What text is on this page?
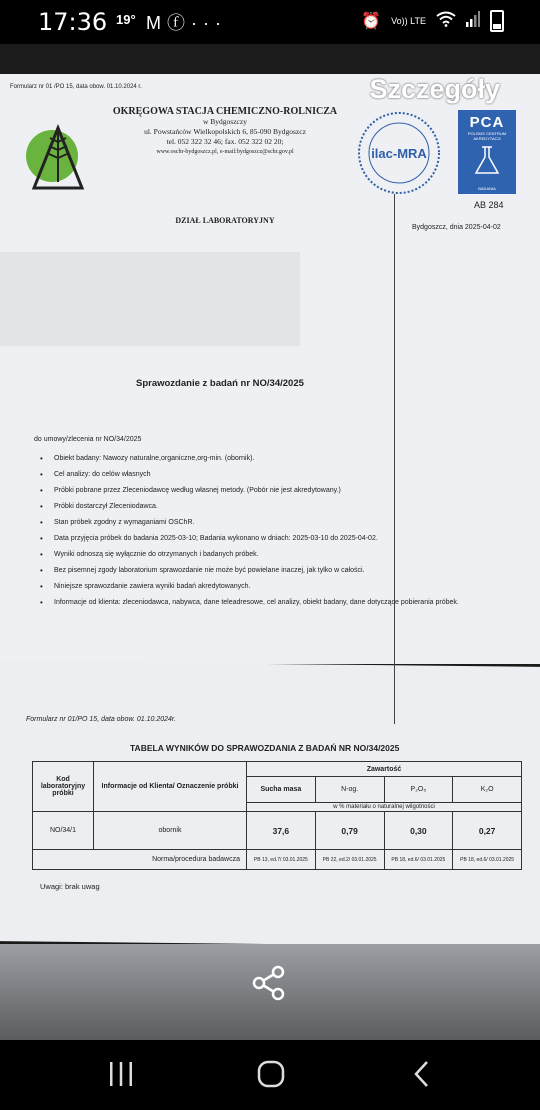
17:36 19° Mⓕ···	⏰ Vo)) LTE
Formularz nr 01 /PO 15, data obow. 01.10.2024 r.	Szczegóły
OKRĘGOWA STACJA CHEMICZNO-ROLNICZA
w Bydgoszczy
ul. Powstańców Wielkopolskich 6, 85-090 Bydgoszcz
tel. 052 322 32 46; fax. 052 322 02 20;
www.oschr-bydgoszcz.pl, e-mail:bydgoszcz@schr.gov.pl
DZIAŁ LABORATORYJNY
ilac-MRA
PCA
POLSKIE CENTRUM AKREDYTACJI
BADANIA
AB 284
Bydgoszcz, dnia 2025-04-02
Sprawozdanie z badań nr NO/34/2025
do umowy/zlecenia nr NO/34/2025
• Obiekt badany: Nawozy naturalne,organiczne,org-min. (obornik).
• Cel analizy: do celów własnych
• Próbki pobrane przez Zleceniodawcę według własnej metody. (Pobór nie jest akredytowany.)
• Próbki dostarczył Zleceniodawca.
• Stan próbek zgodny z wymaganiami OSChR.
• Data przyjęcia próbek do badania 2025-03-10; Badania wykonano w dniach: 2025-03-10 do 2025-04-02.
• Wyniki odnoszą się wyłącznie do otrzymanych i badanych próbek.
• Bez pisemnej zgody laboratorium sprawozdanie nie może być powielane inaczej, jak tylko w całości.
• Niniejsze sprawozdanie zawiera wyniki badań akredytowanych.
• Informacje od klienta: zleceniodawca, nabywca, dane teleadresowe, cel analizy, obiekt badany, dane dotyczące pobierania próbek.
Formularz nr 01/PO 15, data obow. 01.10.2024r.
TABELA WYNIKÓW DO SPRAWOZDANIA Z BADAŃ NR NO/34/2025
Kod laboratoryjny próbki	Informacje od Klienta/ Oznaczenie próbki	Zawartość			
		Sucha masa	N-og.	P₂O₅	K₂O
		w % materiału o naturalnej wilgotności			
NO/34/1	obornik	37,6	0,79	0,30	0,27
Norma/procedura badawcza		PB 13, ed.7/ 03.01.2025	PB 22, ed.2/ 03.01.2025	PB 18, ed.6/ 03.01.2025	PB 18, ed.6/ 03.01.2025
Uwagi: brak uwag
